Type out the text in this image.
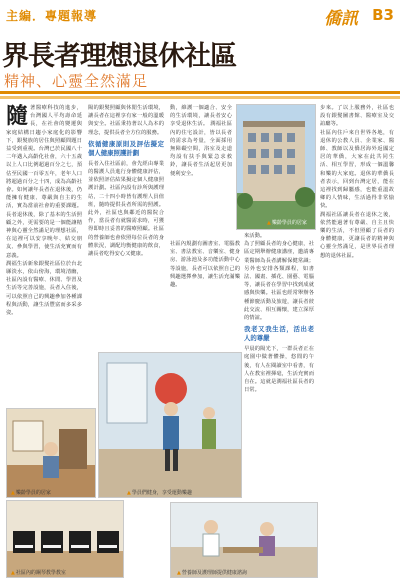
主編．專題報導	僑訊 B3
界長者理想退休社區
精神、心靈全然滿足
隨著醫療科技的進步，台灣國人平均壽命延長，在社會的變遷與家庭結構日趨小家庭化的影響下，銀髮族的居住與照顧問題日益受到重視。台灣已於民國八十二年邁入高齡化社會，六十五歲以上人口比例超過百分之七，預估至民國一百零五年，老年人口將超過百分之十四，成為高齡社會。如何讓年長者在退休後，仍能擁有健康、尊嚴與自主的生活，實為當前社會的重要課題。長者退休後，除了基本的生活照顧之外，更需要的是一個能讓精神與心靈全然滿足的理想社區，在這裡可以安享晚年、結交朋友、參與學習，使生活充實而有意義。
潤福生活新象銀髮社區位於台北縣淡水，依山傍海，環境清幽，社區內設有醫療、休閒、學習及生活等完善設施，長者入住後，可以依照自己的興趣參加各種課程與活動，讓生活豐富而多采多姿。
陽的銀髮照顧與休閒生活環境，讓長者在這裡享有家一般的溫暖與安全。社區秉持著以人為本的理念，提供長者全方位的服務。
依循健康原則及評估擬定個人健康照護計劃
長者入住社區前，會先經由專業的醫護人員進行身體健康評估，並依照評估結果擬定個人健康照護計劃。社區內設有診所與護理站，二十四小時皆有護理人員值班，隨時提供長者所需的照護。此外，社區也與鄰近的醫院合作，當長者有就醫需求時，可獲得即時且妥善的醫療照顧。社區的營養師也會依照每位長者的身體狀況，調配均衡健康的飲食，讓長者吃得安心又健康。
動，維護一個適合、安全的生活環境，讓長者安心享受退休生活。 潤福社區內的住宅設計，皆以長者的需求為考量，全面採用無障礙空間，浴室及走道均設有扶手與緊急求救鈴，讓長者生活起居更加便利安全。
社區內規劃有圖書室、電腦教室、書法教室、音樂室、健身房、游泳池及多功能活動中心等設施，長者可以依照自己的興趣選擇參加，讓生活充滿樂趣。
▲樂齡學員的居家
來活動。
為了照顧長者的身心健康，社區定期舉辦健康講座，邀請專業醫師為長者講解保健常識；另外也安排各類課程，如書法、國畫、插花、園藝、電腦等，讓長者在學習中找到成就感與快樂。社區也經常舉辦各種節慶活動及旅遊，讓長者彼此交流、相互關懷，建立深厚的情誼。
我老又我生活，活出老人的尊嚴
早晨的陽光下，一群長者正在庭園中做著體操，悠閒的午後，有人在閱讀室中看書，有人在教室裡揮毫，生活充實而自在。這就是潤福社區長者的日常。
步來。了以上服務外，社區也設有銀髮圖書館、醫療室及交誼廳等。
社區內住戶來自世界各地，有退休的公教人員、企業家、醫師、教師以及僑居海外返國定居的華僑，大家在此共同生活、相互學習，形成一個溫馨和樂的大家庭。退休的華僑長者表示，回到台灣定居，能在這裡找到歸屬感，也能重溫故鄉的人情味，生活過得非常愉快。
潤福社區讓長者在退休之後，依然能過著有尊嚴、自主且快樂的生活，不但照顧了長者的身體健康，更讓長者的精神與心靈全然滿足，是世界長者理想的退休社區。
▲樂齡學員的居家	▲學員們健身，享受運動樂趣
▲社區內的鋼琴教學教室	▲營養師及護理師提供健康諮詢
